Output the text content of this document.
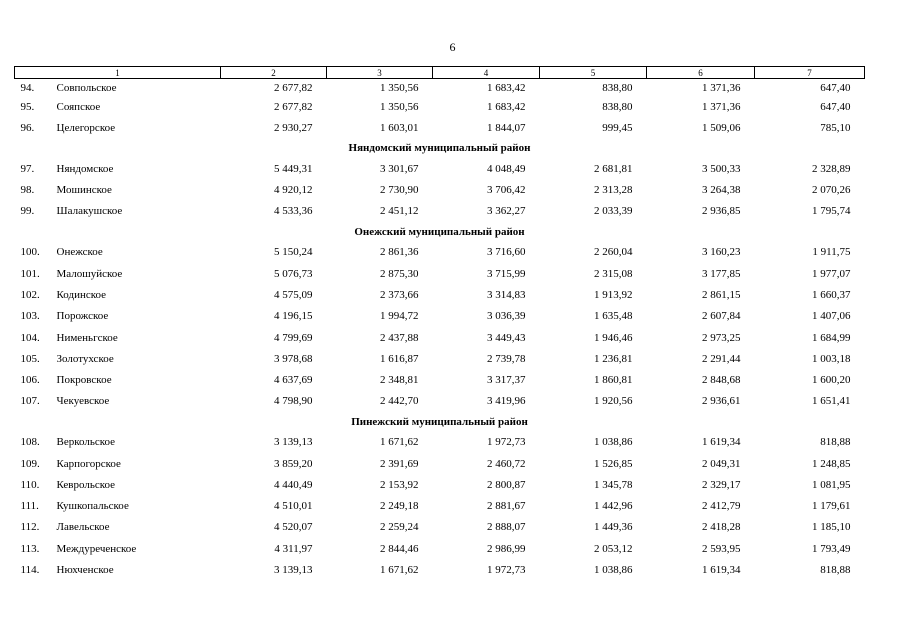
6
1	2	3	4	5	6	7
94. Совпольское	2 677,82	1 350,56	1 683,42	838,80	1 371,36	647,40
95. Сояпское	2 677,82	1 350,56	1 683,42	838,80	1 371,36	647,40
96. Целегорское	2 930,27	1 603,01	1 844,07	999,45	1 509,06	785,10
Няндомский муниципальный район						
97. Няндомское	5 449,31	3 301,67	4 048,49	2 681,81	3 500,33	2 328,89
98. Мошинское	4 920,12	2 730,90	3 706,42	2 313,28	3 264,38	2 070,26
99. Шалакушское	4 533,36	2 451,12	3 362,27	2 033,39	2 936,85	1 795,74
Онежский муниципальный район						
100. Онежское	5 150,24	2 861,36	3 716,60	2 260,04	3 160,23	1 911,75
101. Малошуйское	5 076,73	2 875,30	3 715,99	2 315,08	3 177,85	1 977,07
102. Кодинское	4 575,09	2 373,66	3 314,83	1 913,92	2 861,15	1 660,37
103. Порожское	4 196,15	1 994,72	3 036,39	1 635,48	2 607,84	1 407,06
104. Нименьгское	4 799,69	2 437,88	3 449,43	1 946,46	2 973,25	1 684,99
105. Золотухское	3 978,68	1 616,87	2 739,78	1 236,81	2 291,44	1 003,18
106. Покровское	4 637,69	2 348,81	3 317,37	1 860,81	2 848,68	1 600,20
107. Чекуевское	4 798,90	2 442,70	3 419,96	1 920,56	2 936,61	1 651,41
Пинежский муниципальный район						
108. Веркольское	3 139,13	1 671,62	1 972,73	1 038,86	1 619,34	818,88
109. Карпогорское	3 859,20	2 391,69	2 460,72	1 526,85	2 049,31	1 248,85
110. Кеврольское	4 440,49	2 153,92	2 800,87	1 345,78	2 329,17	1 081,95
111. Кушкопальское	4 510,01	2 249,18	2 881,67	1 442,96	2 412,79	1 179,61
112. Лавельское	4 520,07	2 259,24	2 888,07	1 449,36	2 418,28	1 185,10
113. Междуреченское	4 311,97	2 844,46	2 986,99	2 053,12	2 593,95	1 793,49
114. Нюхченское	3 139,13	1 671,62	1 972,73	1 038,86	1 619,34	818,88
